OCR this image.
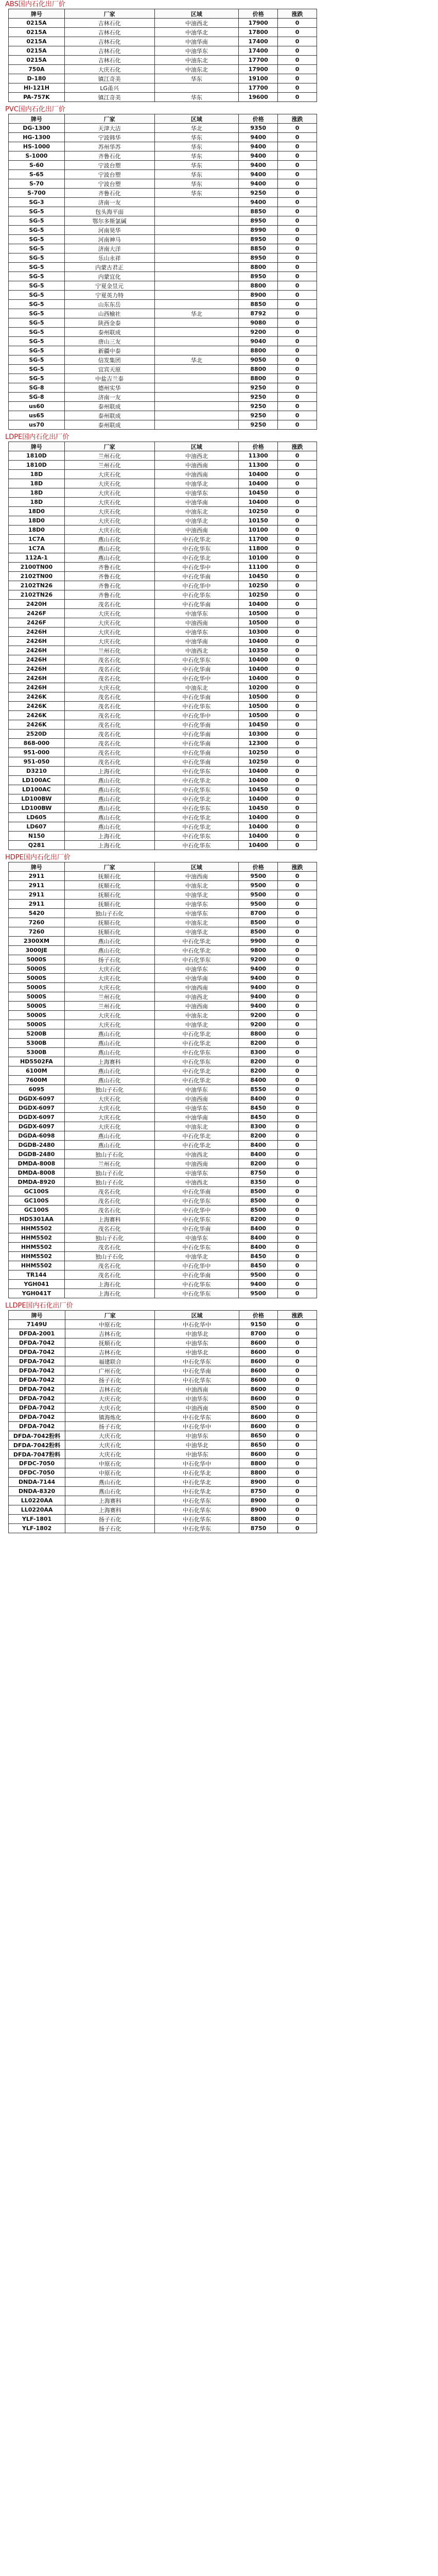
ABS国内石化出厂价
牌号	厂家	区域	价格	涨跌
0215A	吉林石化	中油西北	17900	0
0215A	吉林石化	中油华北	17800	0
0215A	吉林石化	中油华南	17400	0
0215A	吉林石化	中油华东	17400	0
0215A	吉林石化	中油东北	17700	0
750A	大庆石化	中油东北	17900	0
D-180	镇江奇美	华东	19100	0
HI-121H	LG甬兴		17700	0
PA-757K	镇江奇美	华东	19600	0
PVC国内石化出厂价
牌号	厂家	区域	价格	涨跌
DG-1300	天津大沽	华北	9350	0
HG-1300	宁波韩华	华东	9400	0
HS-1000	苏州华苏	华东	9400	0
S-1000	齐鲁石化	华东	9400	0
S-60	宁波台塑	华东	9400	0
S-65	宁波台塑	华东	9400	0
S-70	宁波台塑	华东	9400	0
S-700	齐鲁石化	华东	9250	0
SG-3	济南一友		9400	0
SG-5	包头海平面		8850	0
SG-5	鄂尔多斯氯碱		8950	0
SG-5	河南昊华		8990	0
SG-5	河南神马		8950	0
SG-5	济南大洋		8850	0
SG-5	乐山永祥		8950	0
SG-5	内蒙古君正		8800	0
SG-5	内蒙宜化		8950	0
SG-5	宁夏金昱元		8800	0
SG-5	宁夏英力特		8900	0
SG-5	山东东岳		8850	0
SG-5	山西榆社	华北	8792	0
SG-5	陕西金泰		9080	0
SG-5	泰州联成		9200	0
SG-5	唐山三友		9040	0
SG-5	新疆中泰		8800	0
SG-5	信发集团	华北	9050	0
SG-5	宜宾天原		8800	0
SG-5	中盐吉兰泰		8800	0
SG-8	德州实华		9250	0
SG-8	济南一友		9250	0
us60	泰州联成		9250	0
us65	泰州联成		9250	0
us70	泰州联成		9250	0
LDPE国内石化出厂价
牌号	厂家	区域	价格	涨跌
1810D	兰州石化	中油西北	11300	0
1810D	兰州石化	中油西南	11300	0
18D	大庆石化	中油西南	10400	0
18D	大庆石化	中油华北	10400	0
18D	大庆石化	中油华东	10450	0
18D	大庆石化	中油华南	10400	0
18D0	大庆石化	中油东北	10250	0
18D0	大庆石化	中油华北	10150	0
18D0	大庆石化	中油西南	10100	0
1C7A	燕山石化	中石化华北	11700	0
1C7A	燕山石化	中石化华东	11800	0
112A-1	燕山石化	中石化华北	10100	0
2100TN00	齐鲁石化	中石化华中	11100	0
2102TN00	齐鲁石化	中石化华南	10450	0
2102TN26	齐鲁石化	中石化华中	10250	0
2102TN26	齐鲁石化	中石化华东	10250	0
2420H	茂名石化	中石化华南	10400	0
2426F	大庆石化	中油华东	10500	0
2426F	大庆石化	中油西南	10500	0
2426H	大庆石化	中油华东	10300	0
2426H	大庆石化	中油华南	10400	0
2426H	兰州石化	中油西北	10350	0
2426H	茂名石化	中石化华东	10400	0
2426H	茂名石化	中石化华南	10400	0
2426H	茂名石化	中石化华中	10400	0
2426H	大庆石化	中油东北	10200	0
2426K	茂名石化	中石化华南	10500	0
2426K	茂名石化	中石化华东	10500	0
2426K	茂名石化	中石化华中	10500	0
2426K	茂名石化	中石化华南	10450	0
2520D	茂名石化	中石化华南	10300	0
868-000	茂名石化	中石化华南	12300	0
951-000	茂名石化	中石化华南	10250	0
951-050	茂名石化	中石化华南	10250	0
D3210	上海石化	中石化华东	10400	0
LD100AC	燕山石化	中石化华北	10400	0
LD100AC	燕山石化	中石化华东	10450	0
LD100BW	燕山石化	中石化华北	10400	0
LD100BW	燕山石化	中石化华东	10450	0
LD605	燕山石化	中石化华北	10400	0
LD607	燕山石化	中石化华北	10400	0
N150	上海石化	中石化华东	10400	0
Q281	上海石化	中石化华东	10400	0
HDPE国内石化出厂价
牌号	厂家	区域	价格	涨跌
2911	抚顺石化	中油西南	9500	0
2911	抚顺石化	中油东北	9500	0
2911	抚顺石化	中油华北	9500	0
2911	抚顺石化	中油华东	9500	0
5420	独山子石化	中油华东	8700	0
7260	抚顺石化	中油东北	8500	0
7260	抚顺石化	中油华北	8500	0
2300XM	燕山石化	中石化华北	9900	0
3000JE	燕山石化	中石化华北	9800	0
5000S	扬子石化	中石化华东	9200	0
5000S	大庆石化	中油华东	9400	0
5000S	大庆石化	中油华南	9400	0
5000S	大庆石化	中油西南	9400	0
5000S	兰州石化	中油西北	9400	0
5000S	兰州石化	中油西南	9400	0
5000S	大庆石化	中油东北	9200	0
5000S	大庆石化	中油华北	9200	0
5200B	燕山石化	中石化华北	8800	0
5300B	燕山石化	中石化华北	8200	0
5300B	燕山石化	中石化华东	8300	0
HD5502FA	上海赛科	中石化华东	8200	0
6100M	燕山石化	中石化华北	8200	0
7600M	燕山石化	中石化华北	8400	0
6095	独山子石化	中油华东	8550	0
DGDX-6097	大庆石化	中油西南	8400	0
DGDX-6097	大庆石化	中油华东	8450	0
DGDX-6097	大庆石化	中油华南	8450	0
DGDX-6097	大庆石化	中油东北	8300	0
DGDA-6098	燕山石化	中石化华北	8200	0
DGDB-2480	燕山石化	中石化华北	8400	0
DGDB-2480	独山子石化	中油西北	8400	0
DMDA-8008	兰州石化	中油西南	8200	0
DMDA-8008	独山子石化	中油华东	8750	0
DMDA-8920	独山子石化	中油西北	8350	0
GC100S	茂名石化	中石化华南	8500	0
GC100S	茂名石化	中石化华东	8500	0
GC100S	茂名石化	中石化华中	8500	0
HD5301AA	上海赛科	中石化华东	8200	0
HHM5502	茂名石化	中石化华南	8400	0
HHM5502	独山子石化	中油华东	8400	0
HHM5502	茂名石化	中石化华东	8400	0
HHM5502	独山子石化	中油华北	8450	0
HHM5502	茂名石化	中石化华中	8450	0
TR144	茂名石化	中石化华南	9500	0
YGH041	上海石化	中石化华东	9400	0
YGH041T	上海石化	中石化华东	9500	0
LLDPE国内石化出厂价
牌号	厂家	区域	价格	涨跌
7149U	中原石化	中石化华中	9150	0
DFDA-2001	吉林石化	中油华北	8700	0
DFDA-7042	抚顺石化	中油华东	8600	0
DFDA-7042	吉林石化	中油华北	8600	0
DFDA-7042	福建联合	中石化华东	8600	0
DFDA-7042	广州石化	中石化华南	8600	0
DFDA-7042	扬子石化	中石化华东	8600	0
DFDA-7042	吉林石化	中油西南	8600	0
DFDA-7042	大庆石化	中油华东	8600	0
DFDA-7042	大庆石化	中油西南	8500	0
DFDA-7042	镇海炼化	中石化华东	8600	0
DFDA-7042	扬子石化	中石化华中	8600	0
DFDA-7042粉料	大庆石化	中油华东	8650	0
DFDA-7042粉料	大庆石化	中油华北	8650	0
DFDA-7047粉料	大庆石化	中油华东	8600	0
DFDC-7050	中原石化	中石化华中	8800	0
DFDC-7050	中原石化	中石化华北	8800	0
DNDA-7144	燕山石化	中石化华北	8900	0
DNDA-8320	燕山石化	中石化华北	8750	0
LL0220AA	上海赛科	中石化华东	8900	0
LL0220AA	上海赛科	中石化华东	8900	0
YLF-1801	扬子石化	中石化华东	8800	0
YLF-1802	扬子石化	中石化华东	8750	0
